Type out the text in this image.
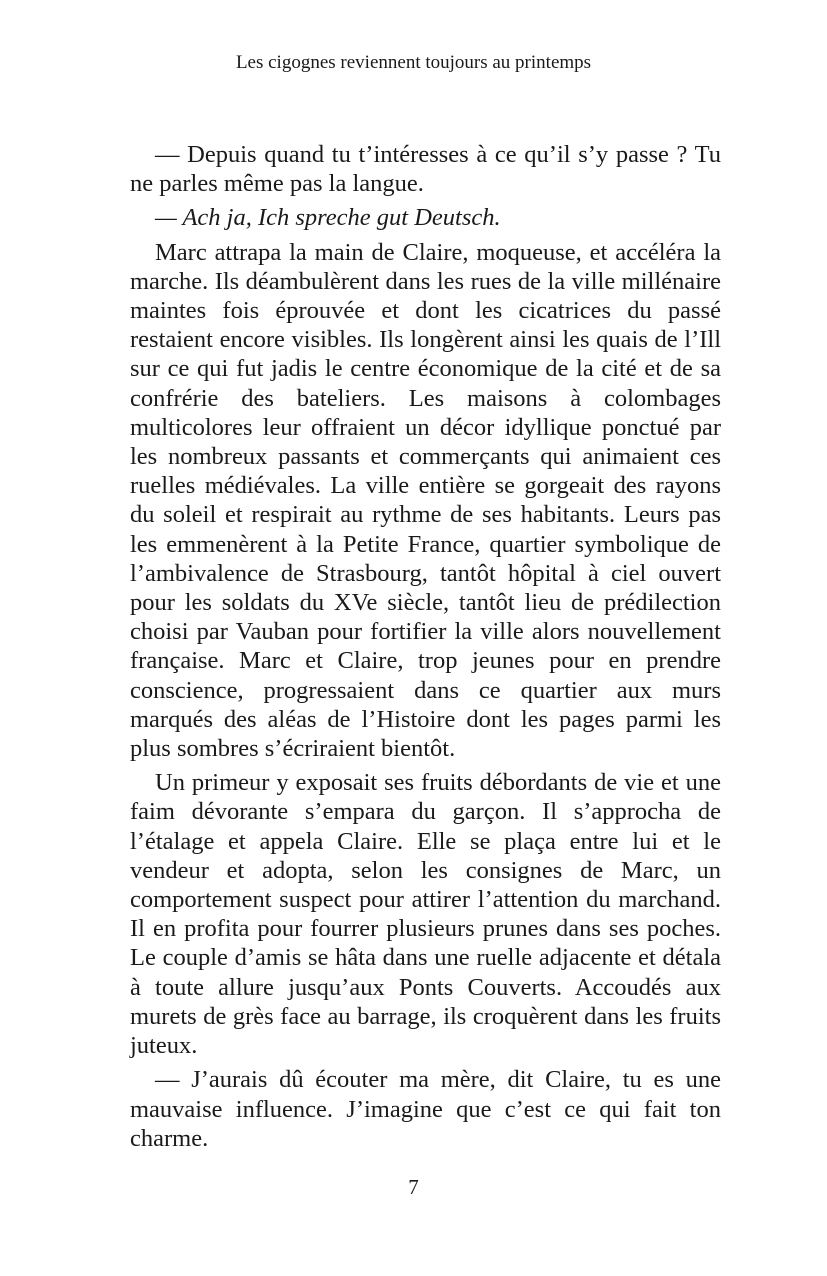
Les cigognes reviennent toujours au printemps

— Depuis quand tu t’intéresses à ce qu’il s’y passe ? Tu ne parles même pas la langue.

— Ach ja, Ich spreche gut Deutsch.

Marc attrapa la main de Claire, moqueuse, et accéléra la marche. Ils déambulèrent dans les rues de la ville millénaire maintes fois éprouvée et dont les cicatrices du passé restaient encore visibles. Ils longèrent ainsi les quais de l’Ill sur ce qui fut jadis le centre économique de la cité et de sa confrérie des bateliers. Les maisons à colombages multicolores leur offraient un décor idyllique ponctué par les nombreux passants et commerçants qui animaient ces ruelles médiévales. La ville entière se gorgeait des rayons du soleil et respirait au rythme de ses habitants. Leurs pas les emmenèrent à la Petite France, quartier symbolique de l’ambivalence de Strasbourg, tantôt hôpital à ciel ouvert pour les soldats du XVe siècle, tantôt lieu de prédilection choisi par Vauban pour fortifier la ville alors nouvellement française. Marc et Claire, trop jeunes pour en prendre conscience, progressaient dans ce quartier aux murs marqués des aléas de l’Histoire dont les pages parmi les plus sombres s’écriraient bientôt.

Un primeur y exposait ses fruits débordants de vie et une faim dévorante s’empara du garçon. Il s’approcha de l’étalage et appela Claire. Elle se plaça entre lui et le vendeur et adopta, selon les consignes de Marc, un comportement suspect pour attirer l’attention du marchand. Il en profita pour fourrer plusieurs prunes dans ses poches. Le couple d’amis se hâta dans une ruelle adjacente et détala à toute allure jusqu’aux Ponts Couverts. Accoudés aux murets de grès face au barrage, ils croquèrent dans les fruits juteux.

— J’aurais dû écouter ma mère, dit Claire, tu es une mauvaise influence. J’imagine que c’est ce qui fait ton charme.

7
